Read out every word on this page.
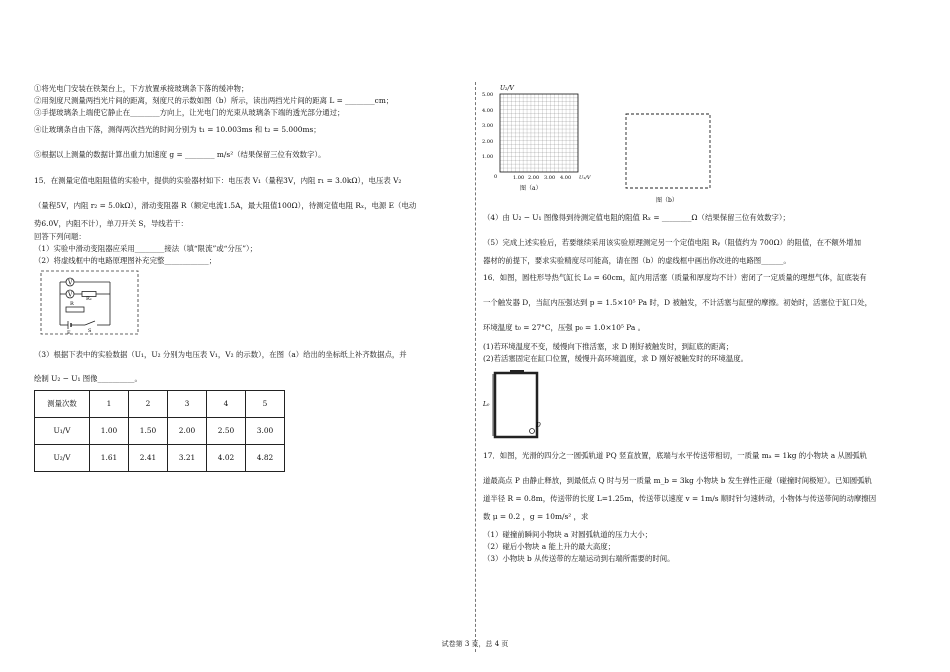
①将光电门安装在铁架台上，下方放置承接玻璃条下落的缓冲物；
②用刻度尺测量两挡光片间的距离，刻度尺的示数如图（b）所示，读出两挡光片间的距离 L = ________cm；
③手提玻璃条上端使它静止在________方向上，让光电门的光束从玻璃条下端的透光部分通过；
④让玻璃条自由下落，测得两次挡光的时间分别为 t₁ = 10.003ms 和 t₂ = 5.000ms；
⑤根据以上测量的数据计算出重力加速度 g = ________ m/s²（结果保留三位有效数字）。
15．在测量定值电阻阻值的实验中，提供的实验器材如下：电压表 V₁（量程3V，内阻 r₁ = 3.0kΩ），电压表 V₂
（量程5V，内阻 r₂ = 5.0kΩ），滑动变阻器 R（额定电流1.5A，最大阻值100Ω），待测定值电阻 Rₓ，电源 E（电动
势6.0V，内阻不计），单刀开关 S，导线若干：
回答下列问题：
（1）实验中滑动变阻器应采用________接法（填“限流”或“分压”）；
（2）将虚线框中的电路原理图补充完整____________；
V
V
Rₓ
R
E	S
（3）根据下表中的实验数据（U₁，U₂ 分别为电压表 V₁，V₂ 的示数），在图（a）给出的坐标纸上补齐数据点，并
绘制 U₂ − U₁ 图像__________。
测量次数	1	2	3	4	5
U₁/V	1.00	1.50	2.00	2.50	3.00
U₂/V	1.61	2.41	3.21	4.02	4.82
U₂/V
5.00
4.00
3.00
2.00
1.00
0	1.00 2.00 3.00 4.00 U₁/V
图（a）
图（b）
（4）由 U₂ − U₁ 图像得到待测定值电阻的阻值 Rₓ = ________Ω（结果保留三位有效数字）；
（5）完成上述实验后，若要继续采用该实验原理测定另一个定值电阻 Rᵧ（阻值约为 700Ω）的阻值，在不额外增加
器材的前提下，要求实验精度尽可能高，请在图（b）的虚线框中画出你改进的电路图______。
16．如图，圆柱形导热气缸长 L₀ = 60cm，缸内用活塞（质量和厚度均不计）密闭了一定质量的理想气体，缸底装有
一个触发器 D，当缸内压强达到 p = 1.5×10⁵ Pa 时，D 被触发，不计活塞与缸壁的摩擦。初始时，活塞位于缸口处，
环境温度 t₀ = 27°C，压强 p₀ = 1.0×10⁵ Pa 。
(1)若环境温度不变，缓慢向下推活塞，求 D 刚好被触发时，到缸底的距离；
(2)若活塞固定在缸口位置，缓慢升高环境温度，求 D 刚好被触发时的环境温度。
L₀
D
17．如图，光滑的四分之一圆弧轨道 PQ 竖直放置，底端与水平传送带相切，一质量 mₐ = 1kg 的小物块 a 从圆弧轨
道最高点 P 由静止释放，到最低点 Q 时与另一质量 m_b = 3kg 小物块 b 发生弹性正碰（碰撞时间极短）。已知圆弧轨
道半径 R = 0.8m，传送带的长度 L=1.25m，传送带以速度 v = 1m/s 顺时针匀速转动，小物体与传送带间的动摩擦因
数 μ = 0.2 ，g = 10m/s² ，求
（1）碰撞前瞬间小物块 a 对圆弧轨道的压力大小；
（2）碰后小物块 a 能上升的最大高度；
（3）小物块 b 从传送带的左端运动到右端所需要的时间。
试卷第 3 页，总 4 页
